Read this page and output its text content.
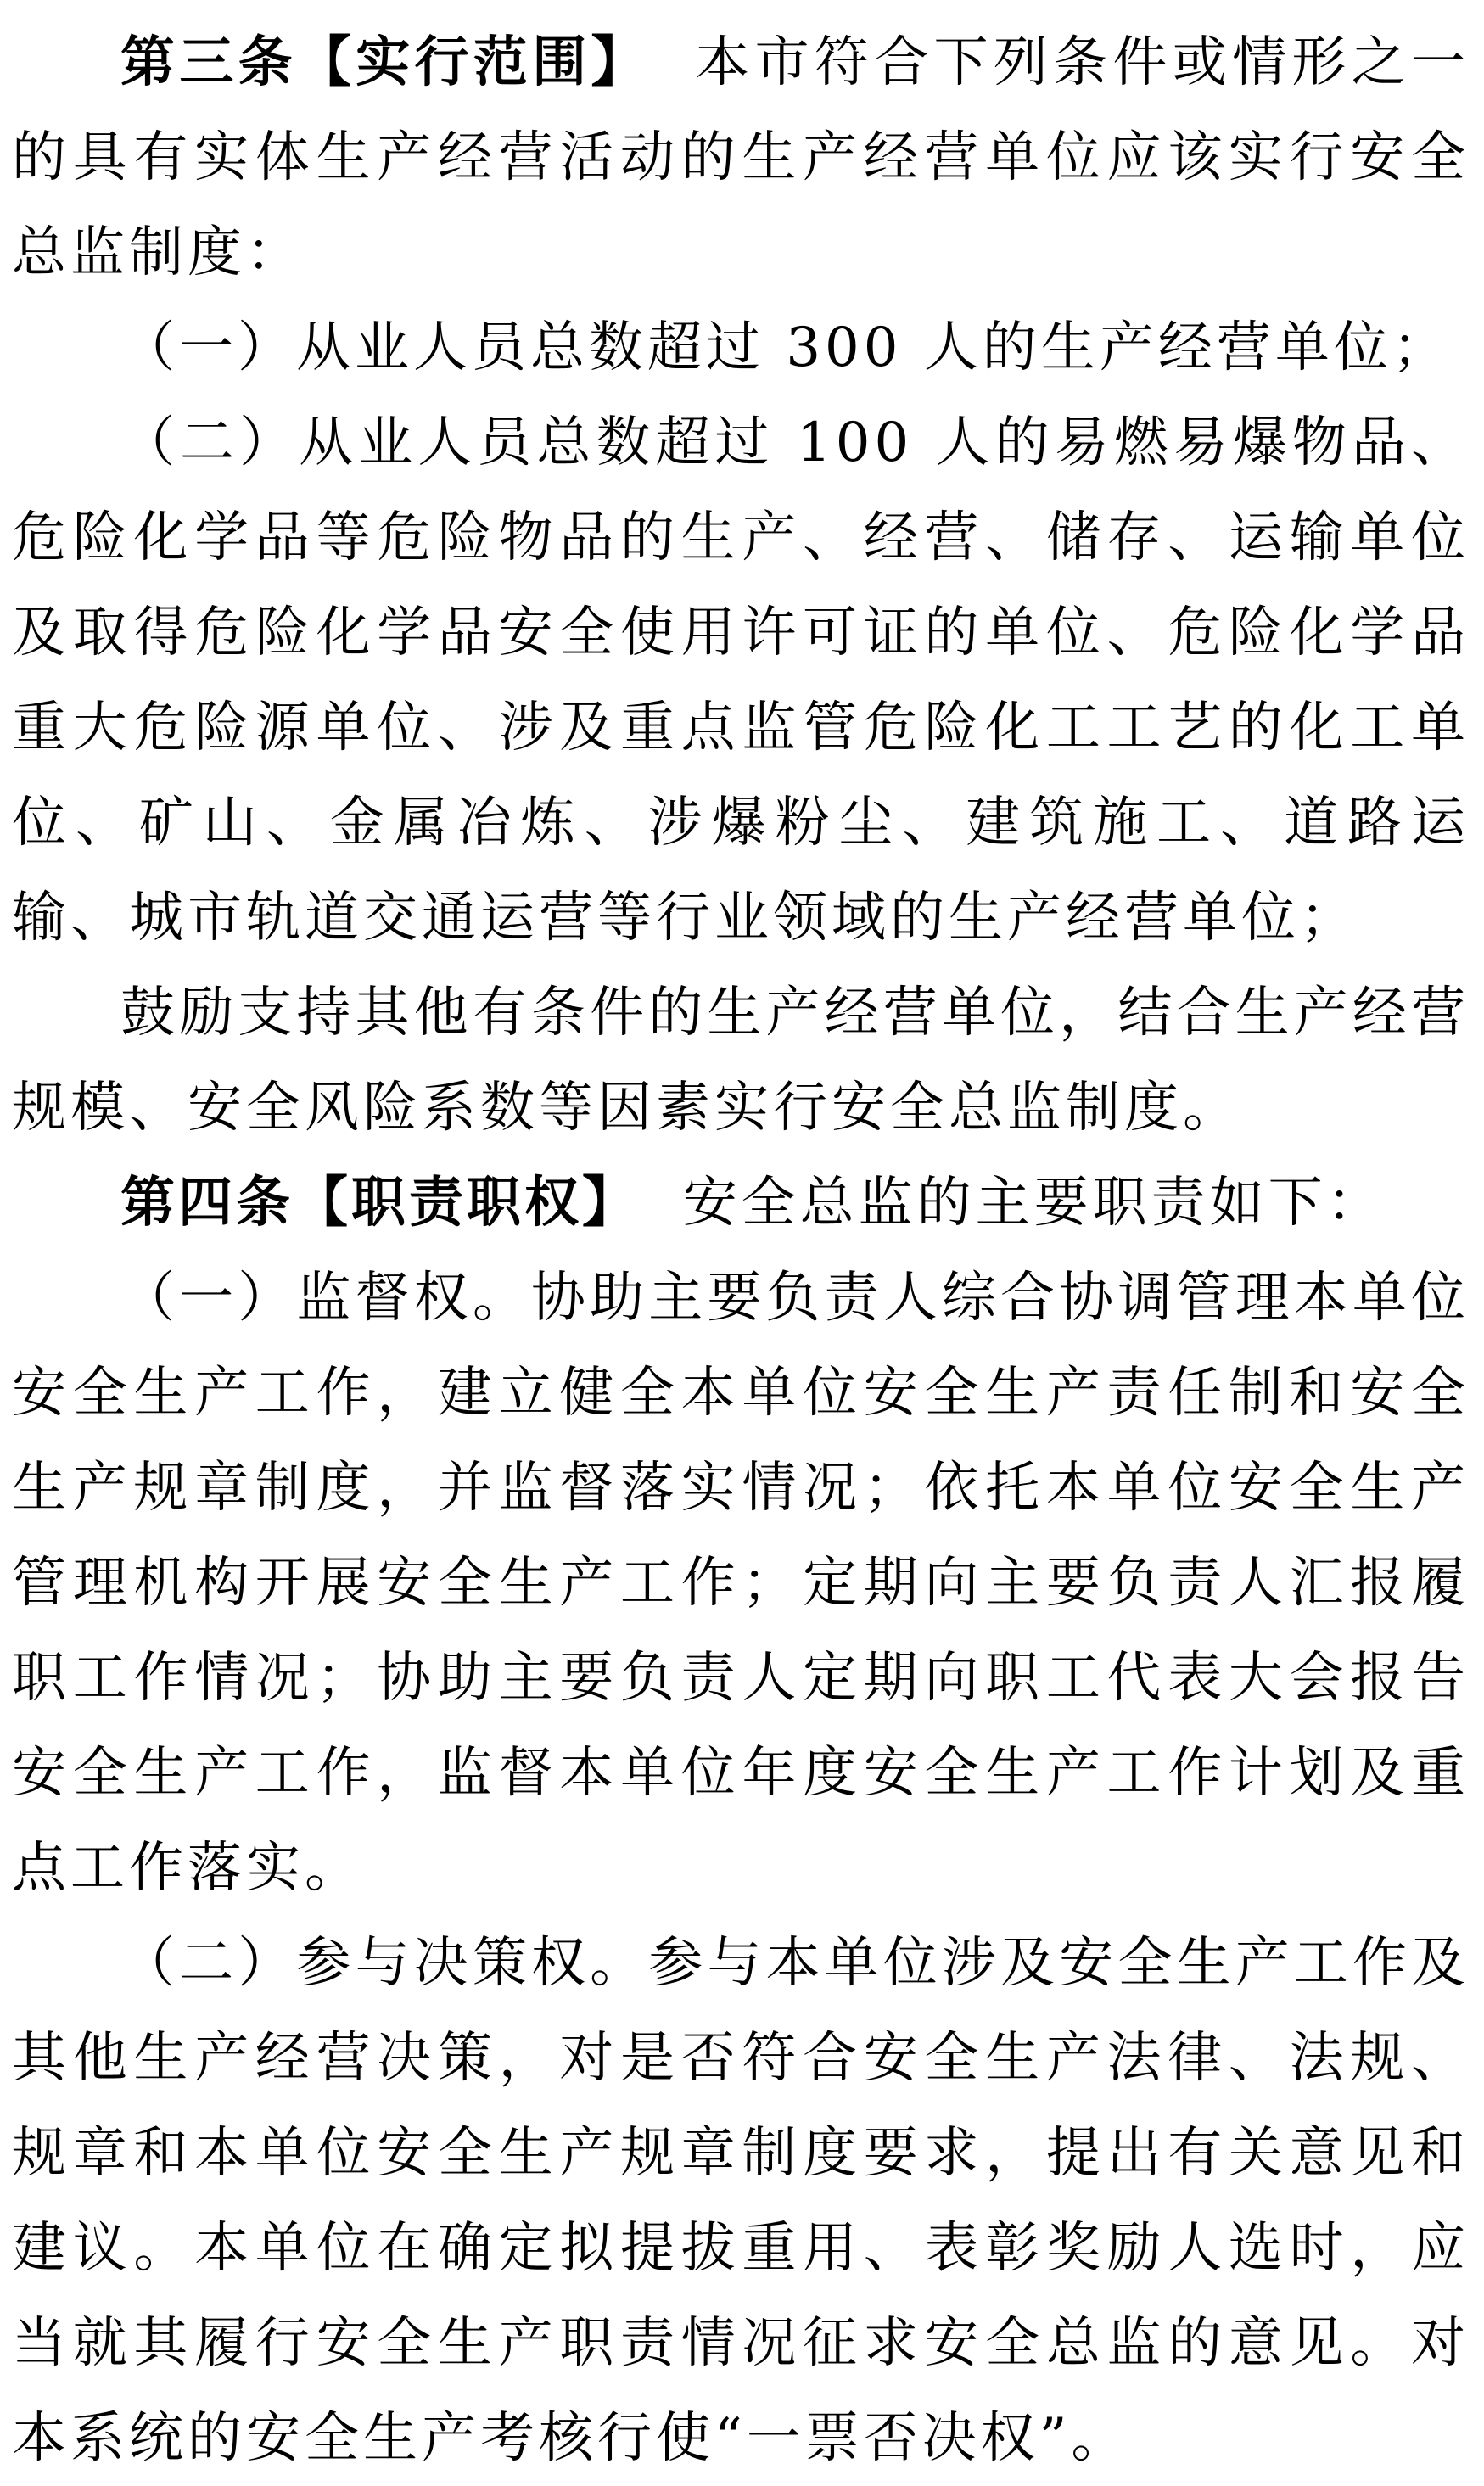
第三条【实行范围】 本市符合下列条件或情形之一的具有实体生产经营活动的生产经营单位应该实行安全总监制度：

（一）从业人员总数超过 300 人的生产经营单位；

（二）从业人员总数超过 100 人的易燃易爆物品、危险化学品等危险物品的生产、经营、储存、运输单位及取得危险化学品安全使用许可证的单位、危险化学品重大危险源单位、涉及重点监管危险化工工艺的化工单位、矿山、金属冶炼、涉爆粉尘、建筑施工、道路运输、城市轨道交通运营等行业领域的生产经营单位；

鼓励支持其他有条件的生产经营单位，结合生产经营规模、安全风险系数等因素实行安全总监制度。

第四条【职责职权】 安全总监的主要职责如下：

（一）监督权。协助主要负责人综合协调管理本单位安全生产工作，建立健全本单位安全生产责任制和安全生产规章制度，并监督落实情况；依托本单位安全生产管理机构开展安全生产工作；定期向主要负责人汇报履职工作情况；协助主要负责人定期向职工代表大会报告安全生产工作，监督本单位年度安全生产工作计划及重点工作落实。

（二）参与决策权。参与本单位涉及安全生产工作及其他生产经营决策，对是否符合安全生产法律、法规、规章和本单位安全生产规章制度要求，提出有关意见和建议。本单位在确定拟提拔重用、表彰奖励人选时，应当就其履行安全生产职责情况征求安全总监的意见。对本系统的安全生产考核行使“一票否决权”。
